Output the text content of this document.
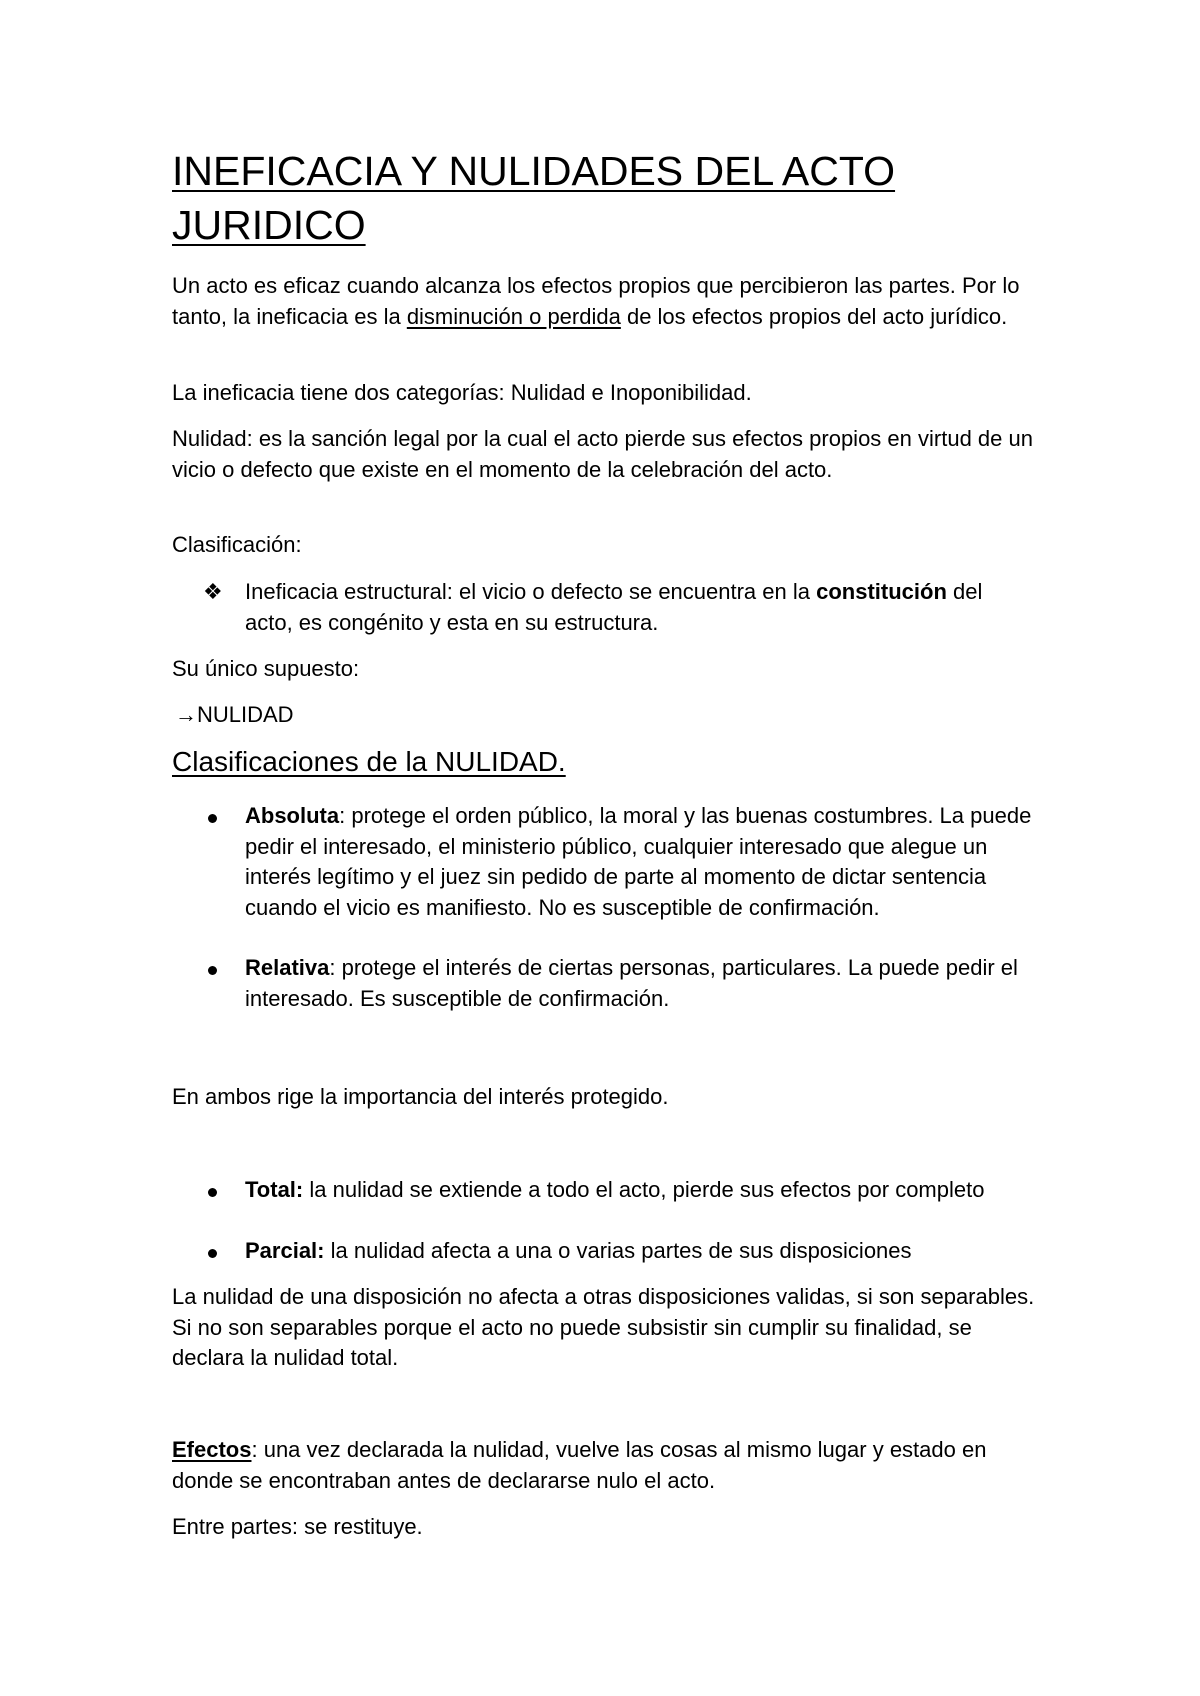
INEFICACIA Y NULIDADES DEL ACTO JURIDICO

Un acto es eficaz cuando alcanza los efectos propios que percibieron las partes. Por lo tanto, la ineficacia es la disminución o perdida de los efectos propios del acto jurídico.

La ineficacia tiene dos categorías: Nulidad e Inoponibilidad.

Nulidad: es la sanción legal por la cual el acto pierde sus efectos propios en virtud de un vicio o defecto que existe en el momento de la celebración del acto.

Clasificación:

❖ Ineficacia estructural: el vicio o defecto se encuentra en la constitución del acto, es congénito y esta en su estructura.

Su único supuesto:

→NULIDAD

Clasificaciones de la NULIDAD.

Absoluta: protege el orden público, la moral y las buenas costumbres. La puede pedir el interesado, el ministerio público, cualquier interesado que alegue un interés legítimo y el juez sin pedido de parte al momento de dictar sentencia cuando el vicio es manifiesto. No es susceptible de confirmación.

Relativa: protege el interés de ciertas personas, particulares. La puede pedir el interesado. Es susceptible de confirmación.

En ambos rige la importancia del interés protegido.

Total: la nulidad se extiende a todo el acto, pierde sus efectos por completo

Parcial: la nulidad afecta a una o varias partes de sus disposiciones

La nulidad de una disposición no afecta a otras disposiciones validas, si son separables. Si no son separables porque el acto no puede subsistir sin cumplir su finalidad, se declara la nulidad total.

Efectos: una vez declarada la nulidad, vuelve las cosas al mismo lugar y estado en donde se encontraban antes de declararse nulo el acto.

Entre partes: se restituye.
